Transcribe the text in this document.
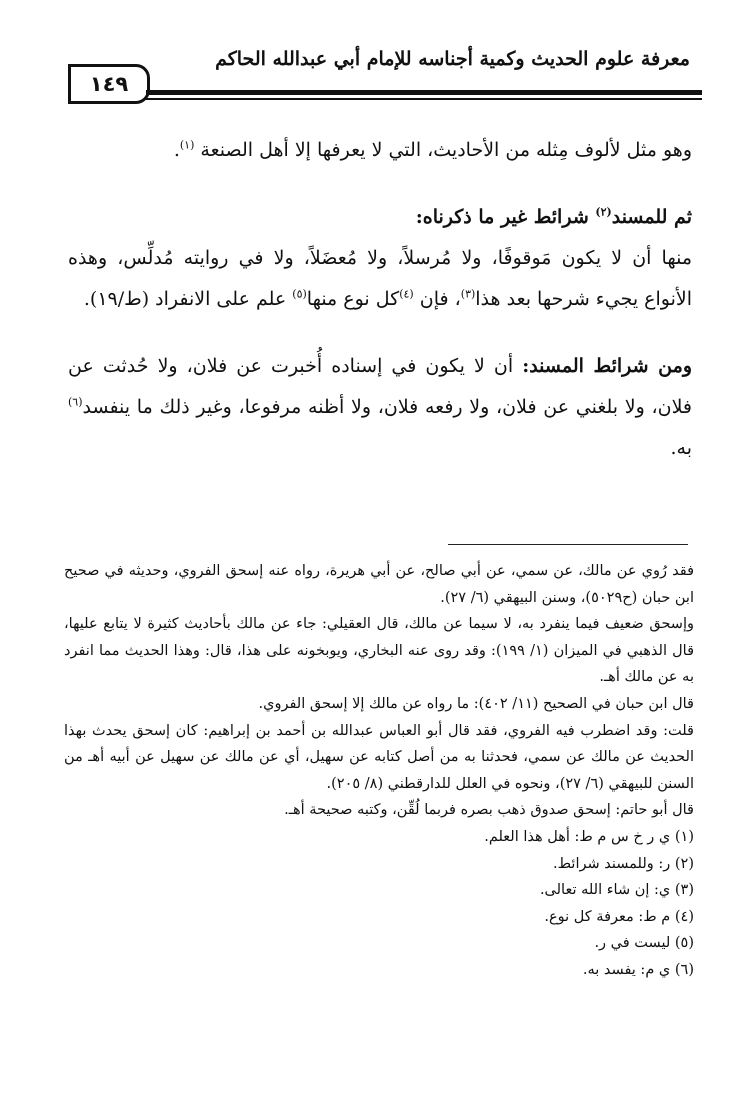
معرفة علوم الحديث وكمية أجناسه للإمام أبي عبدالله الحاكم
١٤٩

وهو مثل لألوف مِثله من الأحاديث، التي لا يعرفها إلا أهل الصنعة $^{(١)}$.

ثم للمسند$^{(٢)}$ شرائط غير ما ذكرناه:

منها أن لا يكون مَوقوفًا، ولا مُرسلاً، ولا مُعضَلاً، ولا في روايته مُدلِّس، وهذه الأنواع يجيء شرحها بعد هذا$^{(٣)}$، فإن $^{(٤)}$كل نوع منها$^{(٥)}$ علم على الانفراد (ط/١٩).

ومن شرائط المسند: أن لا يكون في إسناده أُخبرت عن فلان، ولا حُدثت عن فلان، ولا بلغني عن فلان، ولا رفعه فلان، ولا أظنه مرفوعا، وغير ذلك ما ينفسد$^{(٦)}$ به.

فقد رُوي عن مالك، عن سمي، عن أبي صالح، عن أبي هريرة، رواه عنه إسحق الفروي، وحديثه في صحيح ابن حبان (ح٥٠٢٩)، وسنن البيهقي (٦/ ٢٧).

وإسحق ضعيف فيما ينفرد به، لا سيما عن مالك، قال العقيلي: جاء عن مالك بأحاديث كثيرة لا يتابع عليها، قال الذهبي في الميزان (١/ ١٩٩): وقد روى عنه البخاري، ويوبخونه على هذا، قال: وهذا الحديث مما انفرد به عن مالك أهـ.

قال ابن حبان في الصحيح (١١/ ٤٠٢): ما رواه عن مالك إلا إسحق الفروي.

قلت: وقد اضطرب فيه الفروي، فقد قال أبو العباس عبدالله بن أحمد بن إبراهيم: كان إسحق يحدث بهذا الحديث عن مالك عن سمي، فحدثنا به من أصل كتابه عن سهيل، أي عن مالك عن سهيل عن أبيه أهـ من السنن للبيهقي (٦/ ٢٧)، ونحوه في العلل للدارقطني (٨/ ٢٠٥).

قال أبو حاتم: إسحق صدوق ذهب بصره فربما لُقِّن، وكتبه صحيحة أهـ.

(١) ي ر خ س م ط: أهل هذا العلم.

(٢) ر: وللمسند شرائط.

(٣) ي: إن شاء الله تعالى.

(٤) م ط: معرفة كل نوع.

(٥) ليست في ر.

(٦) ي م: يفسد به.
